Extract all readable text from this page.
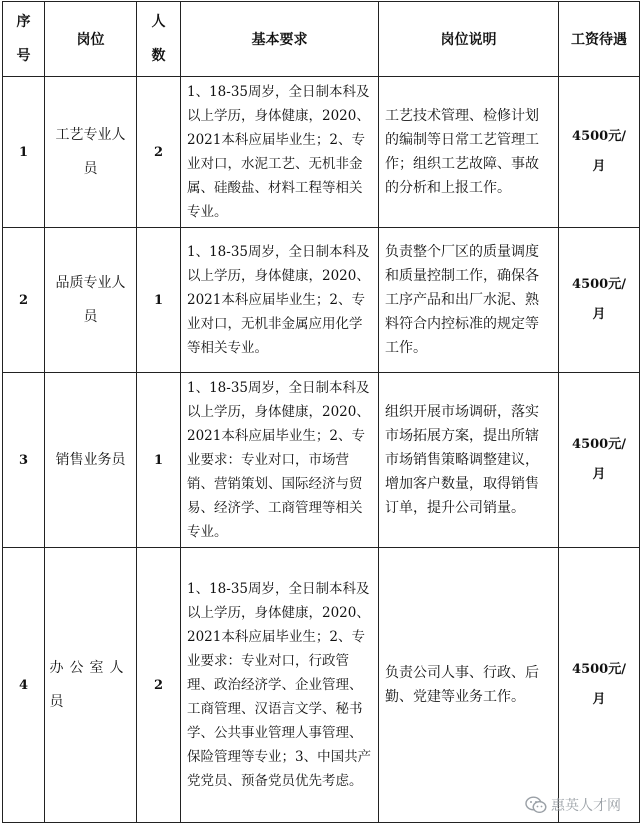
序号	岗位	人数	基本要求	岗位说明	工资待遇
1	工艺专业人员	2	1、18-35周岁，全日制本科及以上学历，身体健康，2020、2021本科应届毕业生；2、专业对口，水泥工艺、无机非金属、硅酸盐、材料工程等相关专业。	工艺技术管理、检修计划的编制等日常工艺管理工作；组织工艺故障、事故的分析和上报工作。	4500元/月
2	品质专业人员	1	1、18-35周岁，全日制本科及以上学历，身体健康，2020、2021本科应届毕业生；2、专业对口，无机非金属应用化学等相关专业。	负责整个厂区的质量调度和质量控制工作，确保各工序产品和出厂水泥、熟料符合内控标准的规定等工作。	4500元/月
3	销售业务员	1	1、18-35周岁，全日制本科及以上学历，身体健康，2020、2021本科应届毕业生；2、专业要求：专业对口，市场营销、营销策划、国际经济与贸易、经济学、工商管理等相关专业。	组织开展市场调研，落实市场拓展方案，提出所辖市场销售策略调整建议，增加客户数量，取得销售订单，提升公司销量。	4500元/月
4	办公室人员	2	1、18-35周岁，全日制本科及以上学历，身体健康，2020、2021本科应届毕业生；2、专业要求：专业对口，行政管理、政治经济学、企业管理、工商管理、汉语言文学、秘书学、公共事业管理人事管理、保险管理等专业；3、中国共产党党员、预备党员优先考虑。	负责公司人事、行政、后勤、党建等业务工作。	4500元/月
惠英人才网
